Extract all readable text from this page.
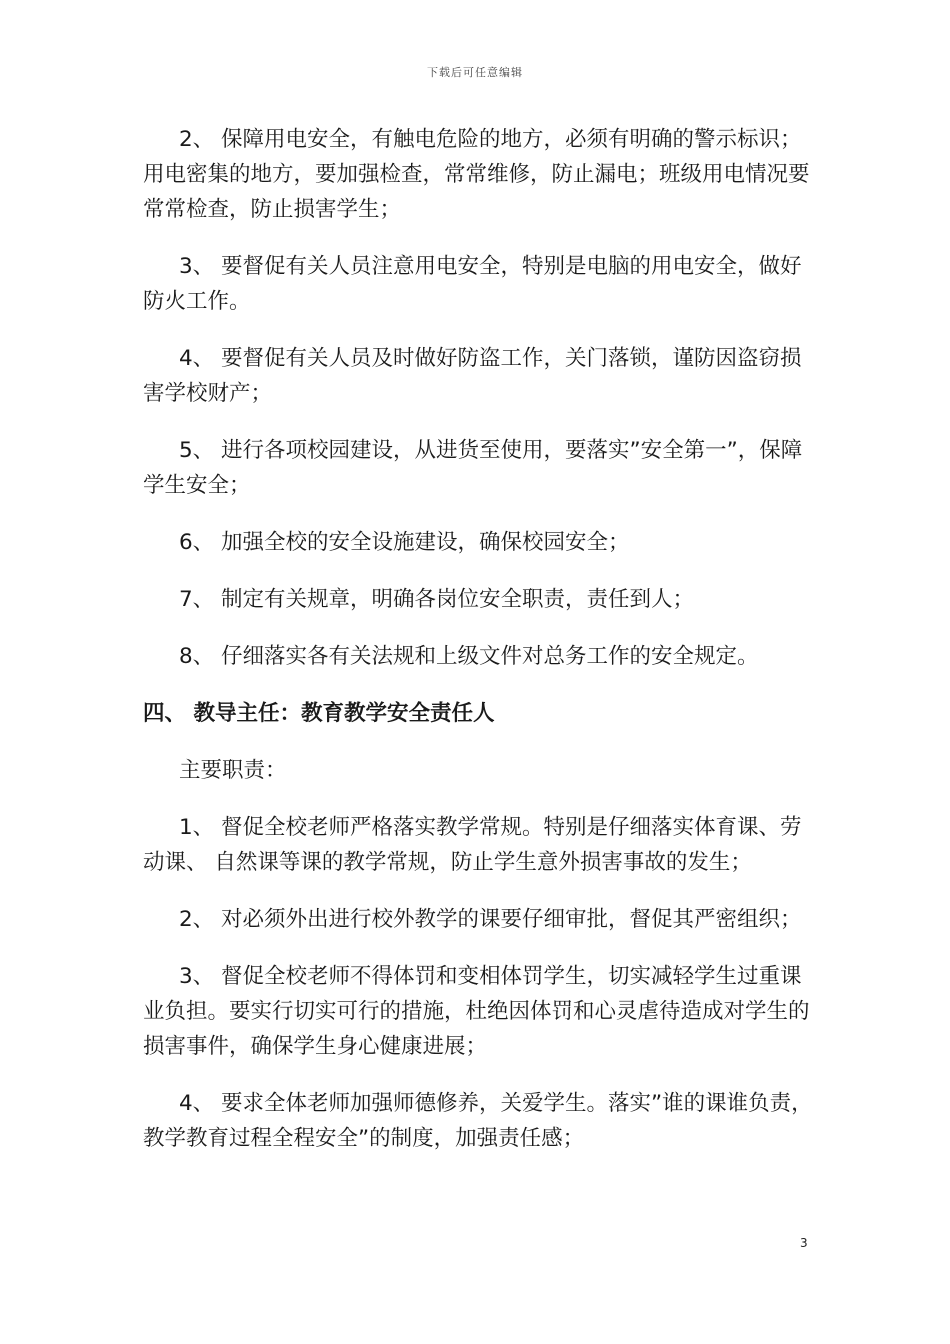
下载后可任意编辑

2、 保障用电安全，有触电危险的地方，必须有明确的警示标识；用电密集的地方，要加强检查，常常维修，防止漏电；班级用电情况要常常检查，防止损害学生；

3、 要督促有关人员注意用电安全，特别是电脑的用电安全，做好防火工作。

4、 要督促有关人员及时做好防盗工作，关门落锁，谨防因盗窃损害学校财产；

5、 进行各项校园建设，从进货至使用，要落实”安全第一”，保障学生安全；

6、 加强全校的安全设施建设，确保校园安全；

7、 制定有关规章，明确各岗位安全职责，责任到人；

8、 仔细落实各有关法规和上级文件对总务工作的安全规定。

四、 教导主任：教育教学安全责任人

主要职责：

1、 督促全校老师严格落实教学常规。特别是仔细落实体育课、劳动课、 自然课等课的教学常规，防止学生意外损害事故的发生；

2、 对必须外出进行校外教学的课要仔细审批，督促其严密组织；

3、 督促全校老师不得体罚和变相体罚学生，切实减轻学生过重课业负担。要实行切实可行的措施，杜绝因体罚和心灵虐待造成对学生的损害事件，确保学生身心健康进展；

4、 要求全体老师加强师德修养，关爱学生。落实”谁的课谁负责，教学教育过程全程安全”的制度，加强责任感；

3
